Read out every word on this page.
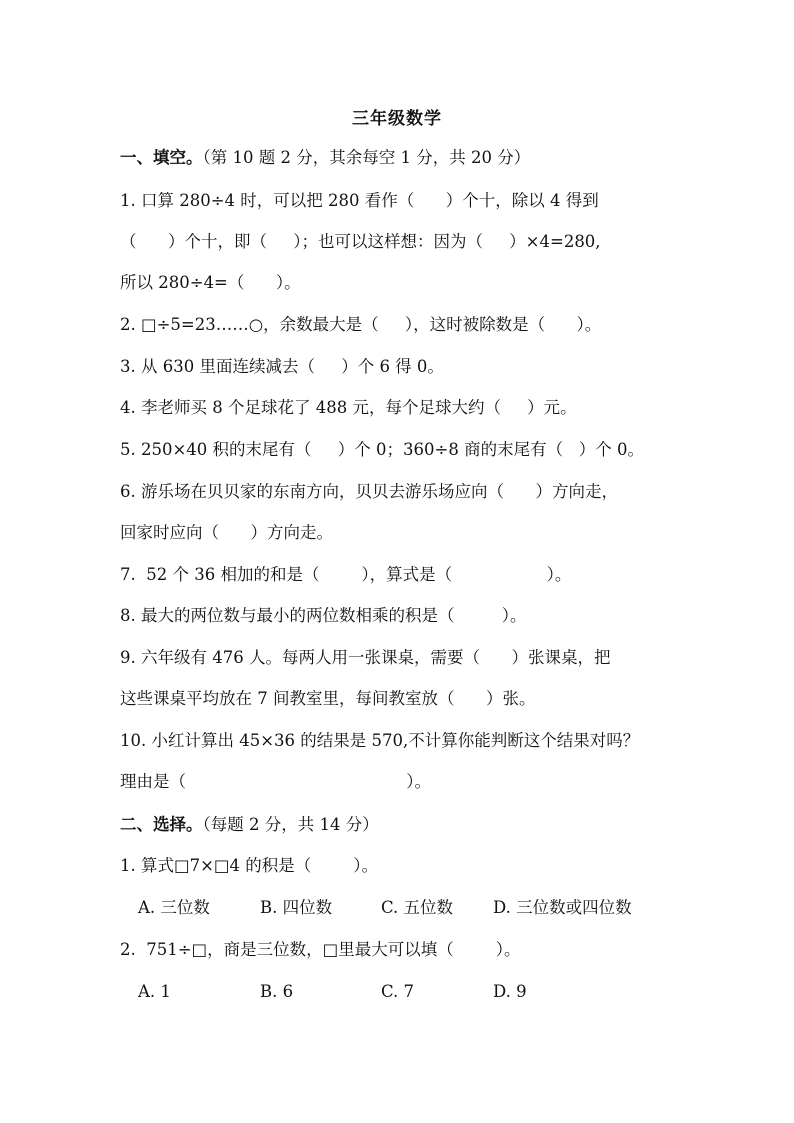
三年级数学
一、填空。（第 10 题 2 分，其余每空 1 分，共 20 分）
1. 口算 280÷4 时，可以把 280 看作（      ）个十，除以 4 得到
（      ）个十，即（     ）；也可以这样想：因为（     ）×4=280,
所以 280÷4=（      ）。
2. □÷5=23……○，余数最大是（     ），这时被除数是（      ）。
3. 从 630 里面连续减去（     ）个 6 得 0。
4. 李老师买 8 个足球花了 488 元，每个足球大约（     ）元。
5. 250×40 积的末尾有（     ）个 0；360÷8 商的末尾有（   ）个 0。
6. 游乐场在贝贝家的东南方向，贝贝去游乐场应向（      ）方向走，
回家时应向（      ）方向走。
7.  52 个 36 相加的和是（        ），算式是（                  ）。
8. 最大的两位数与最小的两位数相乘的积是（         ）。
9. 六年级有 476 人。每两人用一张课桌，需要（      ）张课桌，把
这些课桌平均放在 7 间教室里，每间教室放（      ）张。
10. 小红计算出 45×36 的结果是 570,不计算你能判断这个结果对吗？
理由是（                                          ）。
二、选择。（每题 2 分，共 14 分）
1. 算式□7×□4 的积是（        ）。
A. 三位数	B. 四位数	C. 五位数 D. 三位数或四位数
2.  751÷□，商是三位数，□里最大可以填（        ）。
A. 1	B. 6	C. 7	D. 9
